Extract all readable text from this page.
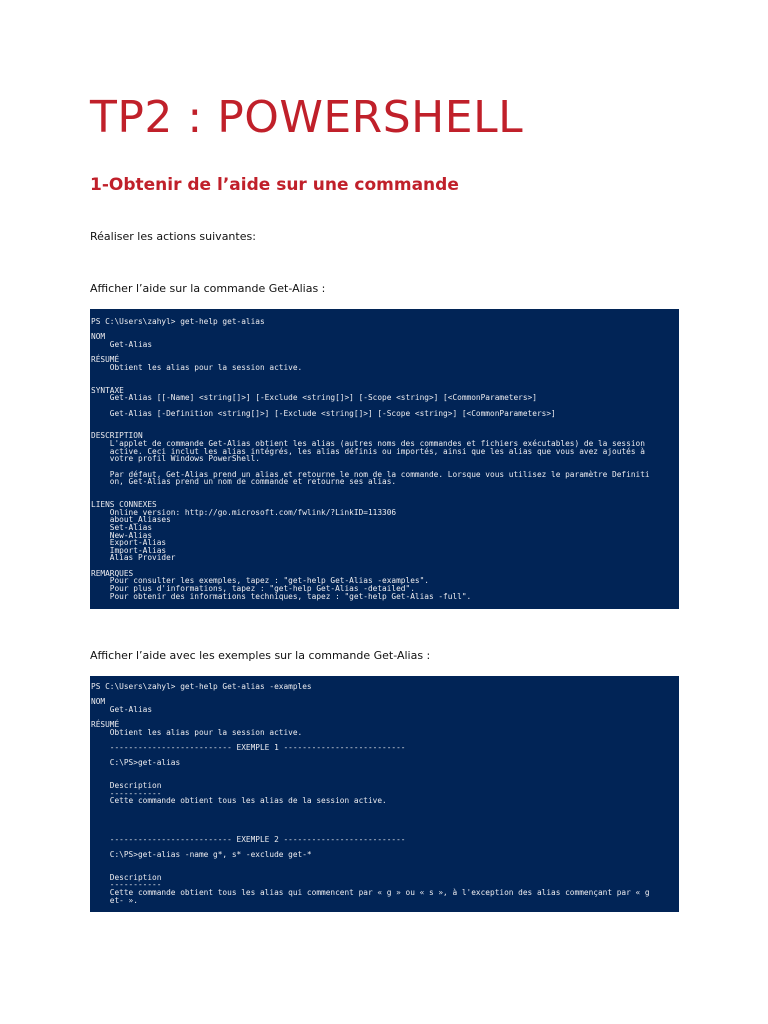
TP2 : POWERSHELL
1-Obtenir de l’aide sur une commande

Réaliser les actions suivantes:

Afficher l’aide sur la commande Get-Alias :

PS C:\Users\zahyl> get-help get-alias

NOM
Get-Alias

RÉSUMÉ
Obtient les alias pour la session active.

SYNTAXE
Get-Alias [[-Name] <string[]>] [-Exclude <string[]>] [-Scope <string>] [<CommonParameters>]

Get-Alias [-Definition <string[]>] [-Exclude <string[]>] [-Scope <string>] [<CommonParameters>]

DESCRIPTION
L'applet de commande Get-Alias obtient les alias (autres noms des commandes et fichiers exécutables) de la session
active. Ceci inclut les alias intégrés, les alias définis ou importés, ainsi que les alias que vous avez ajoutés à
votre profil Windows PowerShell.

Par défaut, Get-Alias prend un alias et retourne le nom de la commande. Lorsque vous utilisez le paramètre Definiti
on, Get-Alias prend un nom de commande et retourne ses alias.

LIENS CONNEXES
Online version: http://go.microsoft.com/fwlink/?LinkID=113306
about_Aliases
Set-Alias
New-Alias
Export-Alias
Import-Alias
Alias Provider

REMARQUES
Pour consulter les exemples, tapez : "get-help Get-Alias -examples".
Pour plus d'informations, tapez : "get-help Get-Alias -detailed".
Pour obtenir des informations techniques, tapez : "get-help Get-Alias -full".

Afficher l’aide avec les exemples sur la commande Get-Alias :

PS C:\Users\zahyl> get-help Get-alias -examples

NOM
Get-Alias

RÉSUMÉ
Obtient les alias pour la session active.

-------------------------- EXEMPLE 1 --------------------------

C:\PS>get-alias

Description
-----------
Cette commande obtient tous les alias de la session active.

-------------------------- EXEMPLE 2 --------------------------

C:\PS>get-alias -name g*, s* -exclude get-*

Description
-----------
Cette commande obtient tous les alias qui commencent par « g » ou « s », à l'exception des alias commençant par « g
et- ».
